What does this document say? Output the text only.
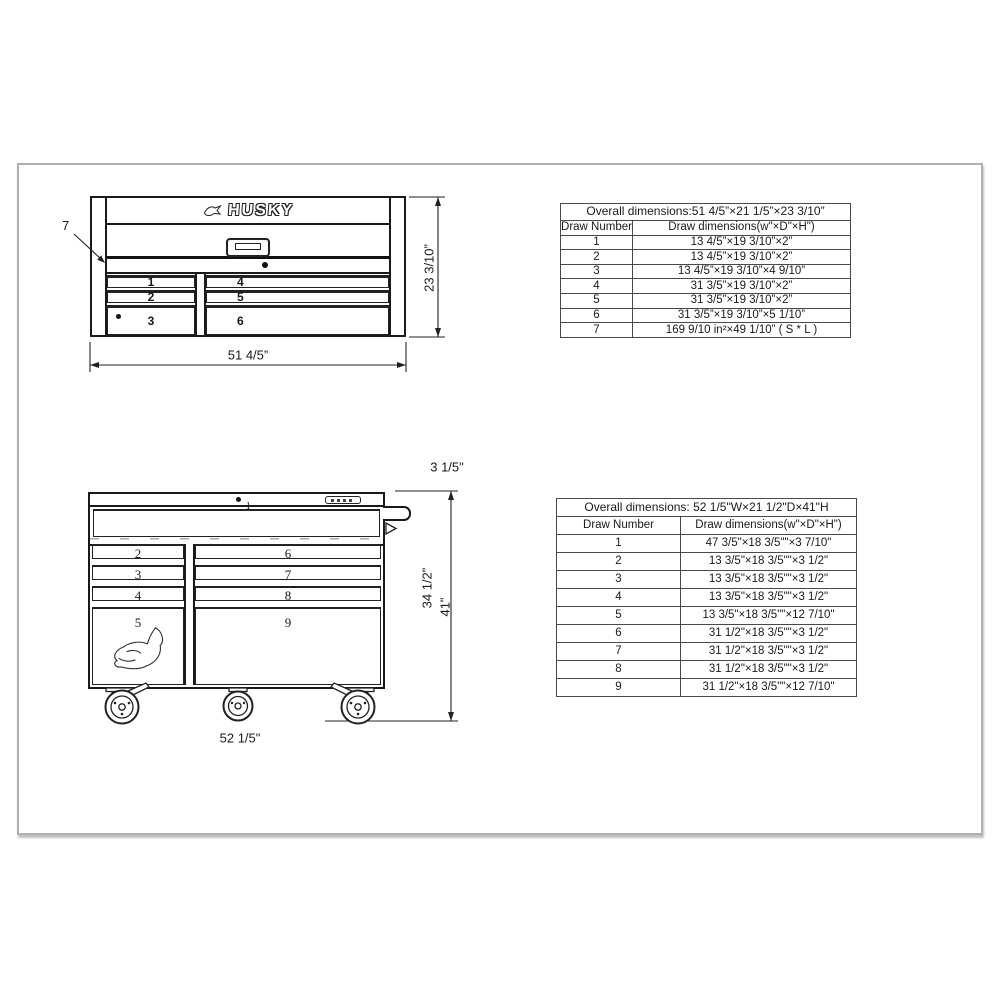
HUSKY
1
2
3
4
5
6
7
23 3/10”
51 4/5”
1
2
3
4
5
6
7
8
9
3 1/5"
34 1/2" 41"
52 1/5"
Overall dimensions:51 4/5”×21 1/5”×23 3/10”	
Draw Number	Draw dimensions(w"×D"×H")
1	13 4/5”×19 3/10”×2”
2	13 4/5”×19 3/10”×2”
3	13 4/5”×19 3/10”×4 9/10”
4	31 3/5”×19 3/10”×2”
5	31 3/5”×19 3/10”×2”
6	31 3/5”×19 3/10”×5 1/10”
7	169 9/10 in²×49 1/10” ( S * L )
Overall dimensions: 52 1/5"W×21 1/2"D×41"H	
Draw Number	Draw dimensions(w"×D"×H")
1	47 3/5"×18 3/5""×3 7/10"
2	13 3/5"×18 3/5""×3 1/2"
3	13 3/5"×18 3/5""×3 1/2"
4	13 3/5"×18 3/5""×3 1/2"
5	13 3/5"×18 3/5""×12 7/10"
6	31 1/2"×18 3/5""×3 1/2"
7	31 1/2"×18 3/5""×3 1/2"
8	31 1/2"×18 3/5""×3 1/2"
9	31 1/2"×18 3/5""×12 7/10"
